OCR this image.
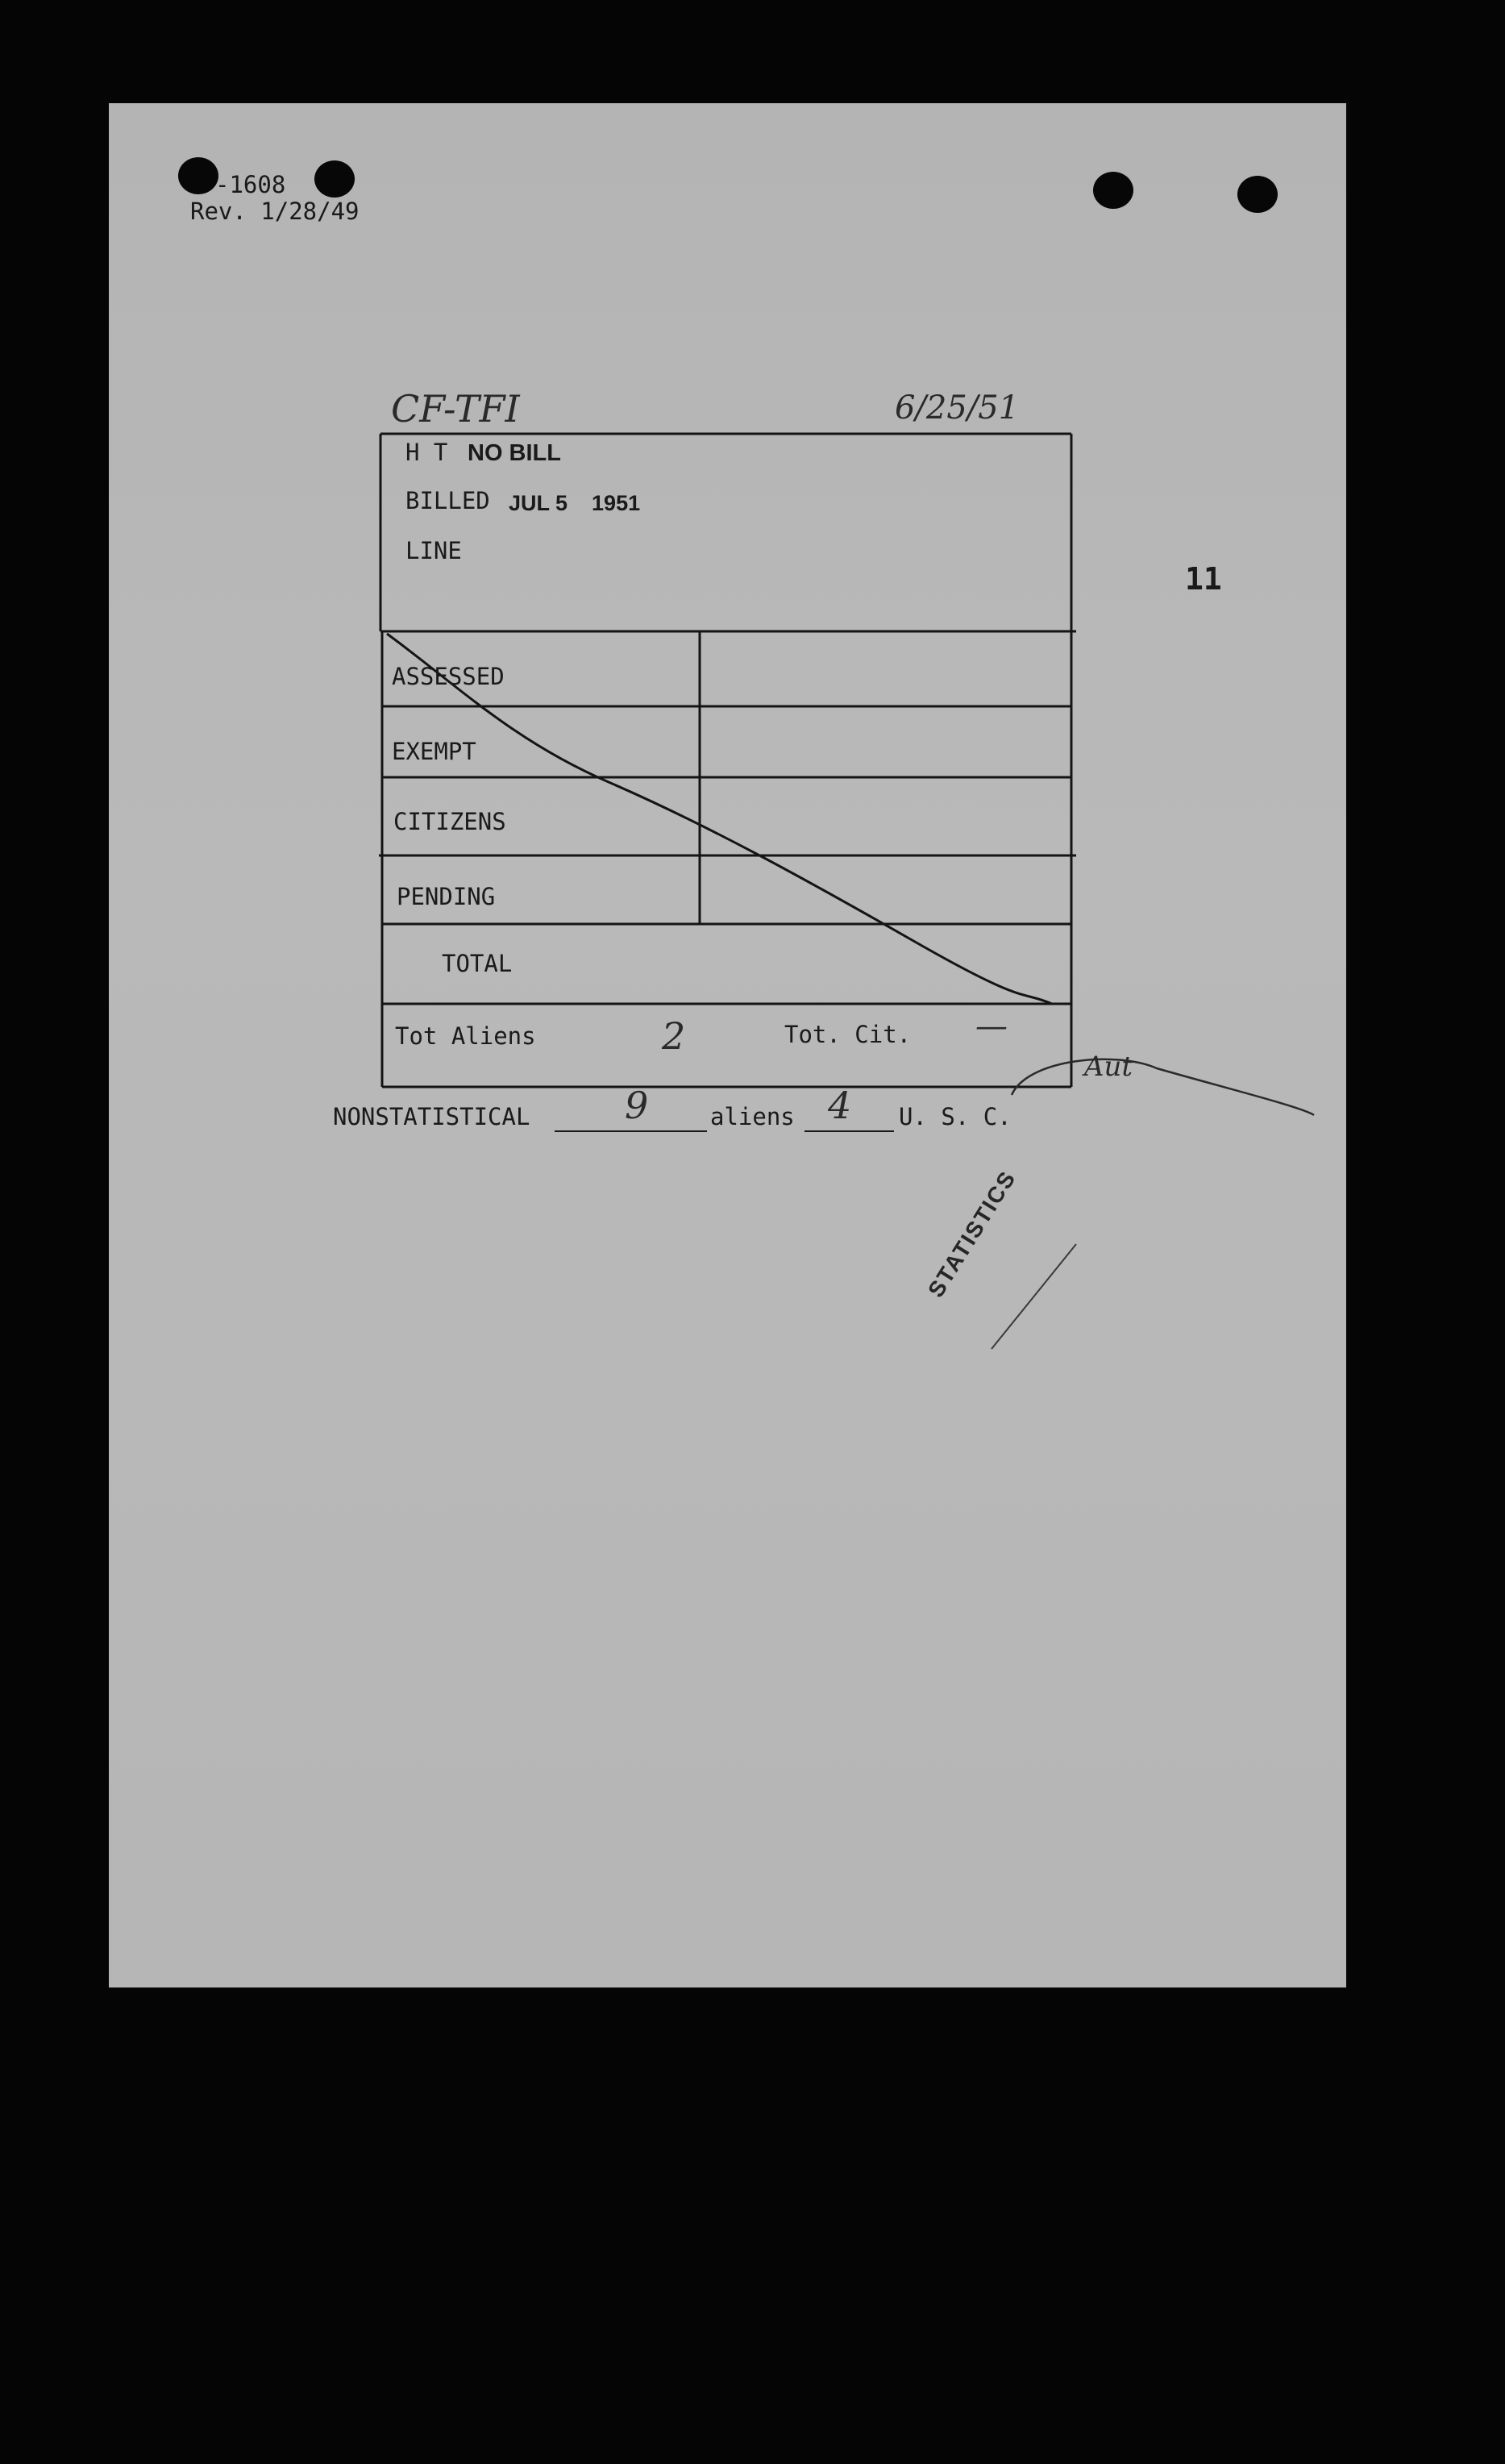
-1608
Rev. 1/28/49
CF-TFI	6/25/51
11
H T NO BILL
BILLED JUL 5    1951
LINE
ASSESSED
EXEMPT
CITIZENS
PENDING
TOTAL
Tot Aliens	2	Tot. Cit. —
Aut
NONSTATISTICAL	9	aliens 4 U. S. C.
STATISTICS
